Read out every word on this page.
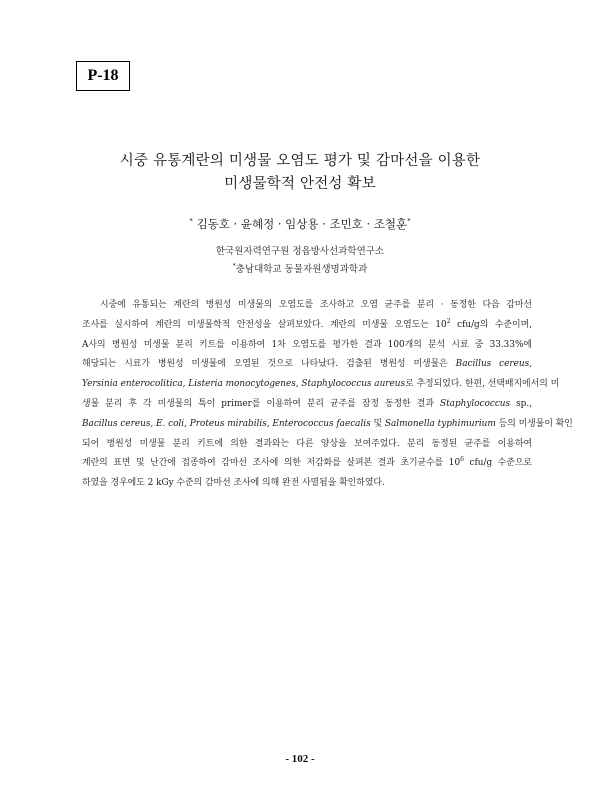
P-18
시중 유통계란의 미생물 오염도 평가 및 감마선을 이용한
미생물학적 안전성 확보
* 김동호 · 윤혜정 · 임상용 · 조민호 · 조철훈*
한국원자력연구원 정읍방사선과학연구소
*충남대학교 동물자원생명과학과
시중에 유통되는 계란의 병원성 미생물의 오염도를 조사하고 오염 균주를 분리 · 동정한 다음 감마선
조사를 실시하여 계란의 미생물학적 안전성을 살펴보았다. 계란의 미생물 오염도는 $10^2$ cfu/g의 수준이며,
A사의 병원성 미생물 분리 키트를 이용하여 1차 오염도를 평가한 결과 100개의 분석 시료 중 33.33%에
해당되는 시료가 병원성 미생물에 오염된 것으로 나타났다. 검출된 병원성 미생물은 Bacillus cereus,
Yersinia enterocolitica, Listeria monocytogenes, Staphylococcus aureus로 추정되었다. 한편, 선택배지에서의 미
생물 분리 후 각 미생물의 특이 primer를 이용하여 분리 균주를 잠정 동정한 결과 Staphylococcus sp.,
Bacillus cereus, E. coli, Proteus mirabilis, Enterococcus faecalis 및 Salmonella typhimurium 등의 미생물이 확인
되어 병원성 미생물 분리 키트에 의한 결과와는 다른 양상을 보여주었다. 분리 동정된 균주를 이용하여
계란의 표면 및 난간에 접종하여 감마선 조사에 의한 저감화를 살펴본 결과 초기균수를 $10^6$ cfu/g 수준으로
하였을 경우에도 2 kGy 수준의 감마선 조사에 의해 완전 사멸됨을 확인하였다.
- 102 -
